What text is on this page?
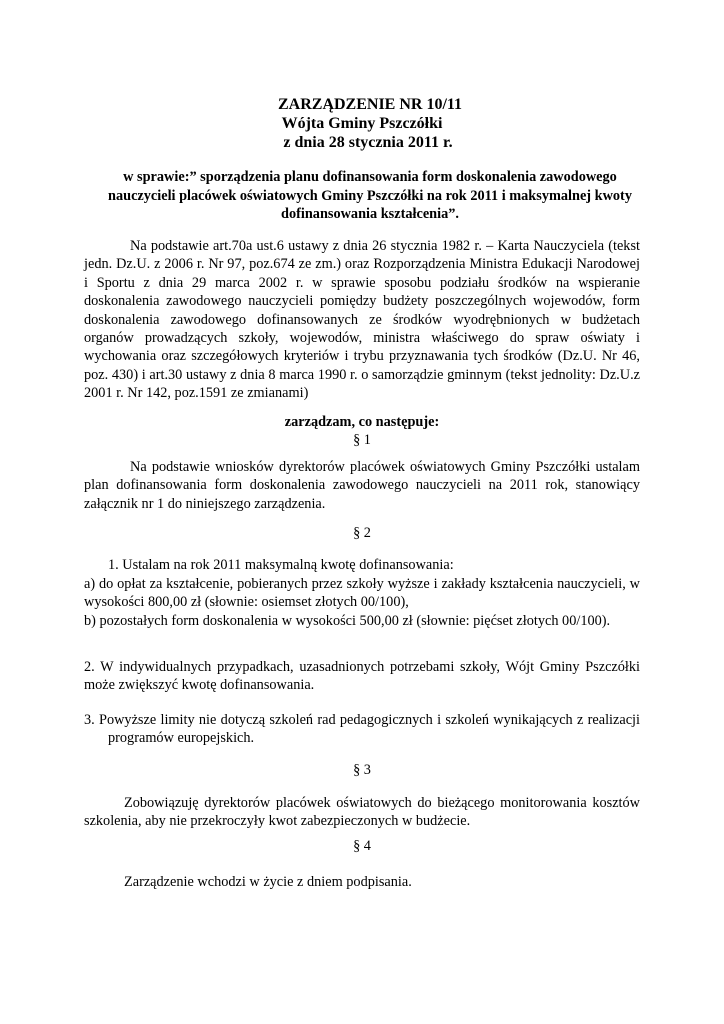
ZARZĄDZENIE NR 10/11
Wójta Gminy Pszczółki
z dnia 28 stycznia 2011 r.
w sprawie:” sporządzenia planu dofinansowania form doskonalenia zawodowego nauczycieli placówek oświatowych Gminy Pszczółki na rok 2011 i maksymalnej kwoty dofinansowania kształcenia”.
Na podstawie art.70a ust.6 ustawy z dnia 26 stycznia 1982 r. – Karta Nauczyciela (tekst jedn. Dz.U. z 2006 r. Nr 97, poz.674 ze zm.) oraz Rozporządzenia Ministra Edukacji Narodowej i Sportu z dnia 29 marca 2002 r. w sprawie sposobu podziału środków na wspieranie doskonalenia zawodowego nauczycieli pomiędzy budżety poszczególnych wojewodów, form doskonalenia zawodowego dofinansowanych ze środków wyodrębnionych w budżetach organów prowadzących szkoły, wojewodów, ministra właściwego do spraw oświaty i wychowania oraz szczegółowych kryteriów i trybu przyznawania tych środków (Dz.U. Nr 46, poz. 430) i art.30 ustawy z dnia 8 marca 1990 r. o samorządzie gminnym (tekst jednolity: Dz.U.z 2001 r. Nr 142, poz.1591 ze zmianami)
zarządzam, co następuje:
§ 1
Na podstawie wniosków dyrektorów placówek oświatowych Gminy Pszczółki ustalam plan dofinansowania form doskonalenia zawodowego nauczycieli na 2011 rok, stanowiący załącznik nr 1 do niniejszego zarządzenia.
§ 2
1. Ustalam na rok 2011 maksymalną kwotę dofinansowania:
a) do opłat za kształcenie, pobieranych przez szkoły wyższe i zakłady kształcenia nauczycieli, w wysokości 800,00 zł (słownie: osiemset złotych 00/100),
b) pozostałych form doskonalenia w wysokości 500,00 zł (słownie: pięćset złotych 00/100).
2. W indywidualnych przypadkach, uzasadnionych potrzebami szkoły, Wójt Gminy Pszczółki może zwiększyć kwotę dofinansowania.
3. Powyższe limity nie dotyczą szkoleń rad pedagogicznych i szkoleń wynikających z realizacji programów europejskich.
§ 3
Zobowiązuję dyrektorów placówek oświatowych do bieżącego monitorowania kosztów szkolenia, aby nie przekroczyły kwot zabezpieczonych w budżecie.
§ 4
Zarządzenie wchodzi w życie z dniem podpisania.
